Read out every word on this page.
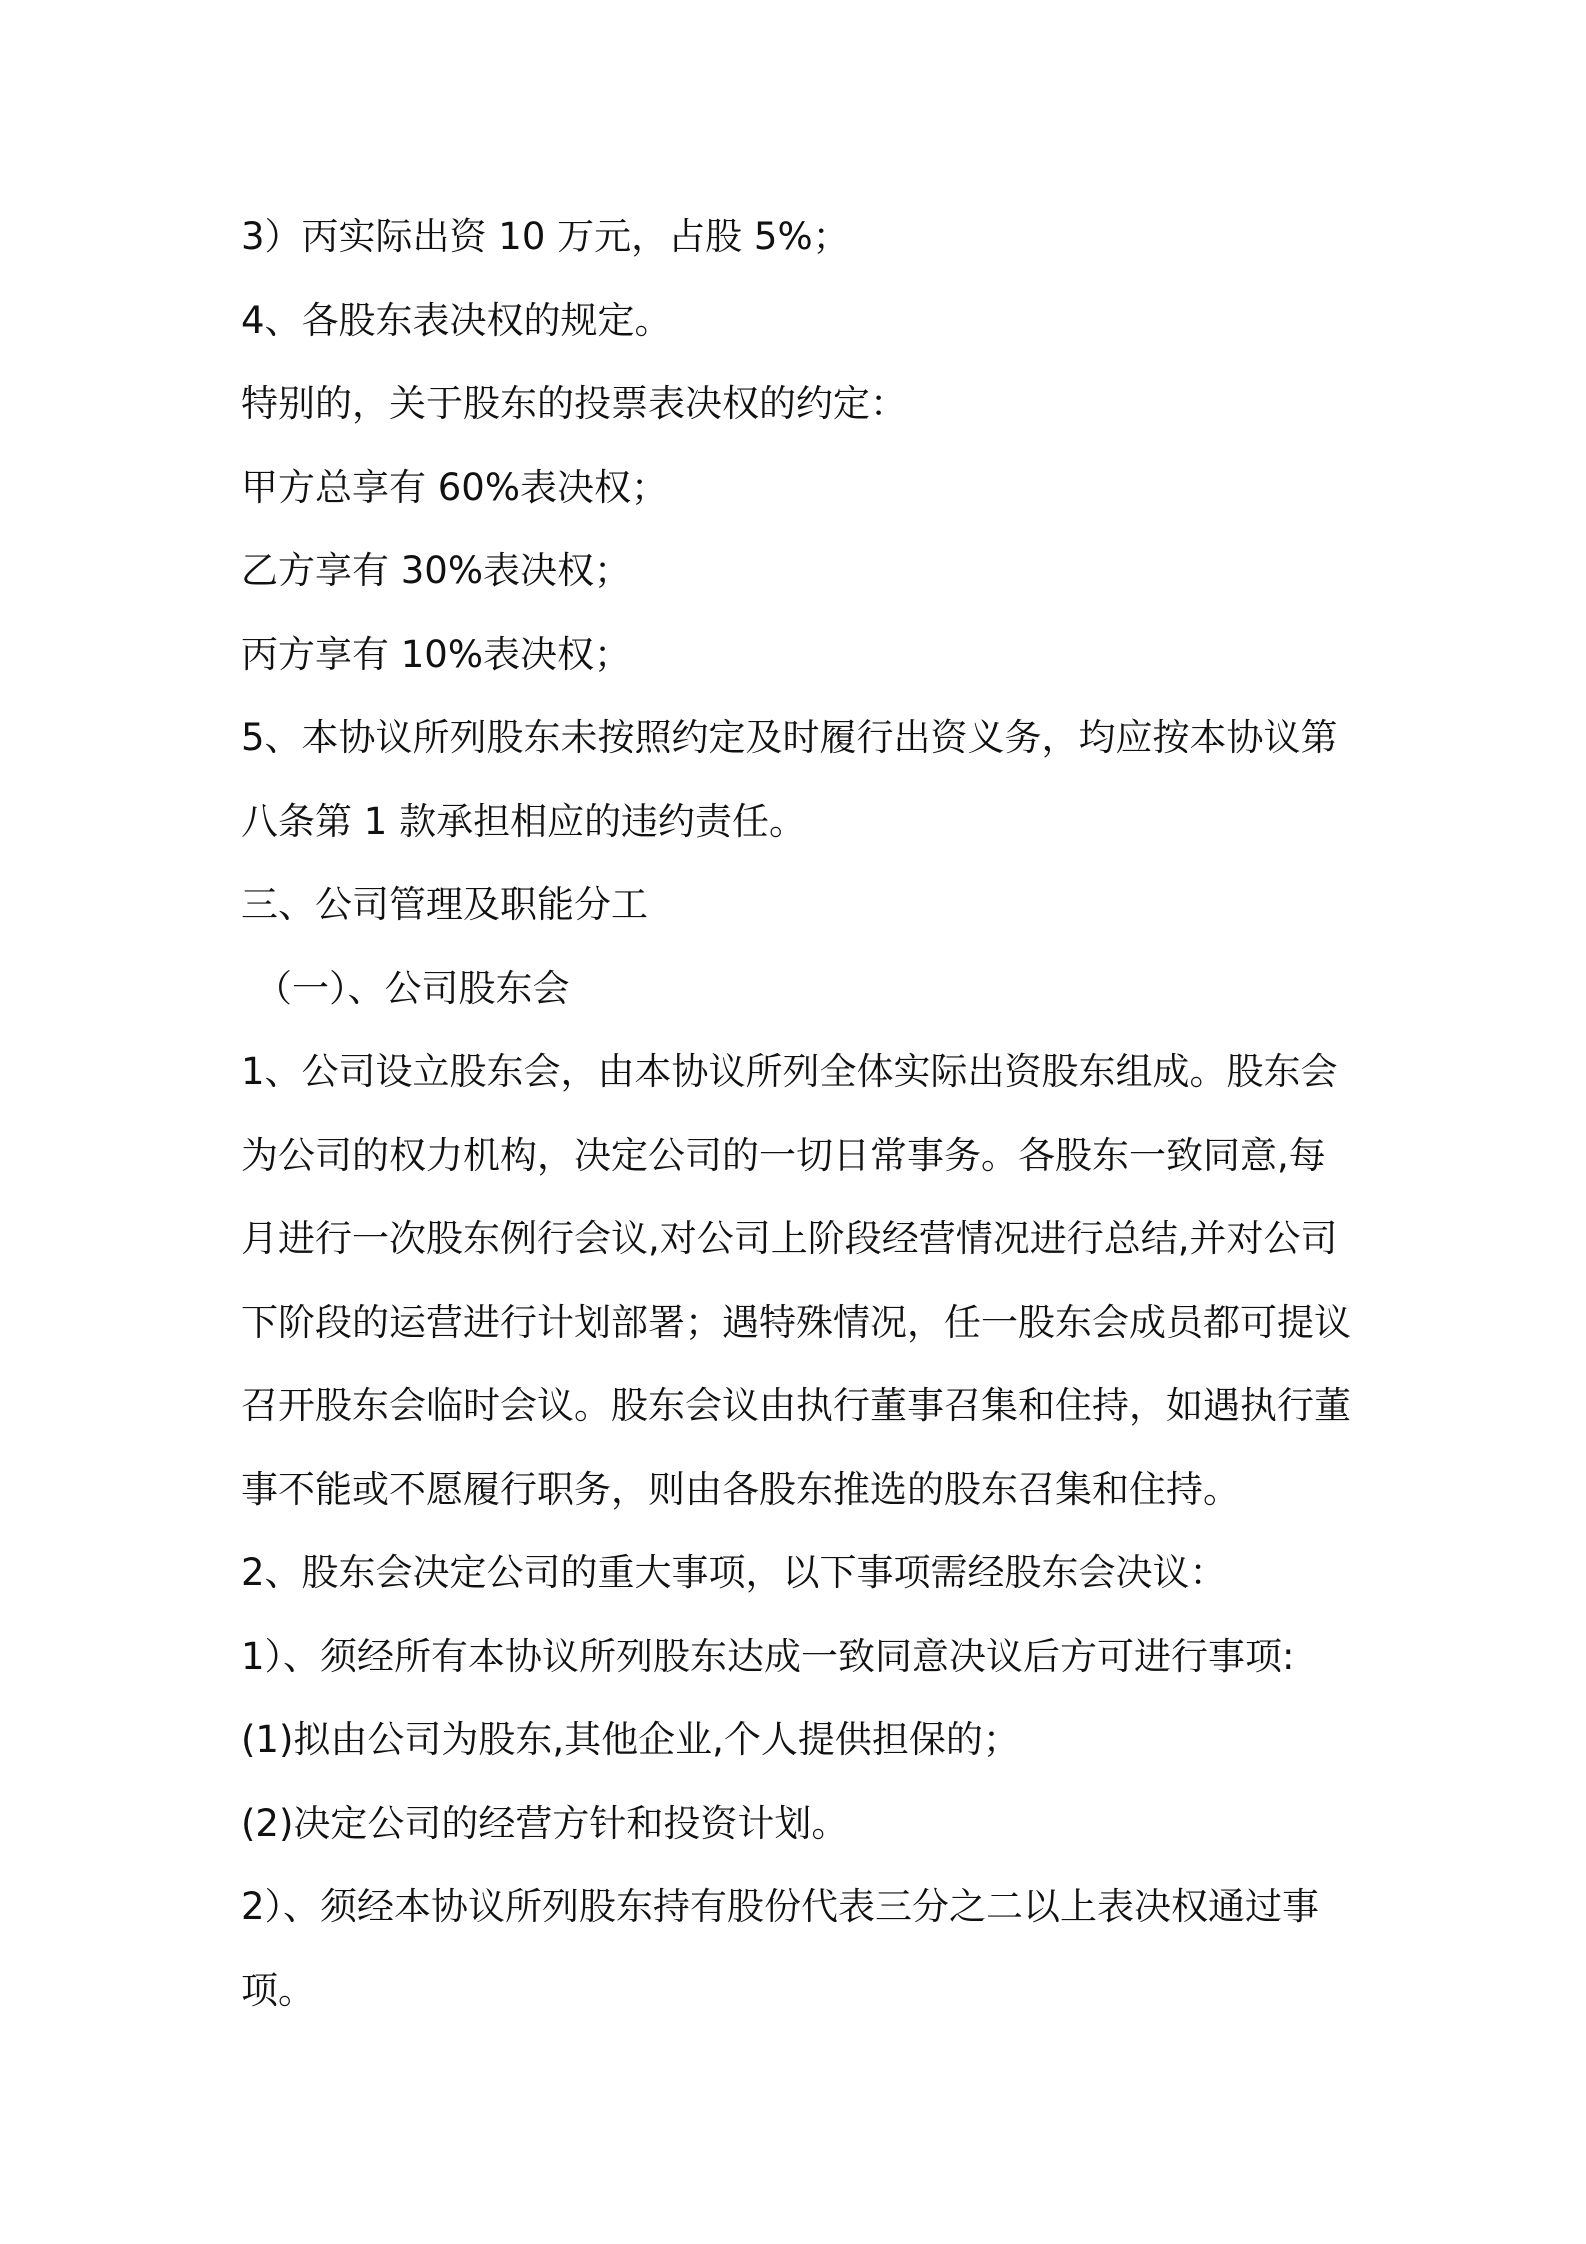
3）丙实际出资 10 万元，占股 5%；
4、各股东表决权的规定。
特别的，关于股东的投票表决权的约定：
甲方总享有 60%表决权；
乙方享有 30%表决权；
丙方享有 10%表决权；
5、本协议所列股东未按照约定及时履行出资义务，均应按本协议第
八条第 1 款承担相应的违约责任。
三、公司管理及职能分工
（一）、公司股东会
1、公司设立股东会，由本协议所列全体实际出资股东组成。股东会
为公司的权力机构，决定公司的一切日常事务。各股东一致同意,每
月进行一次股东例行会议,对公司上阶段经营情况进行总结,并对公司
下阶段的运营进行计划部署；遇特殊情况，任一股东会成员都可提议
召开股东会临时会议。股东会议由执行董事召集和住持，如遇执行董
事不能或不愿履行职务，则由各股东推选的股东召集和住持。
2、股东会决定公司的重大事项，以下事项需经股东会决议：
1）、须经所有本协议所列股东达成一致同意决议后方可进行事项:
(1)拟由公司为股东,其他企业,个人提供担保的；
(2)决定公司的经营方针和投资计划。
2）、须经本协议所列股东持有股份代表三分之二以上表决权通过事
项。
